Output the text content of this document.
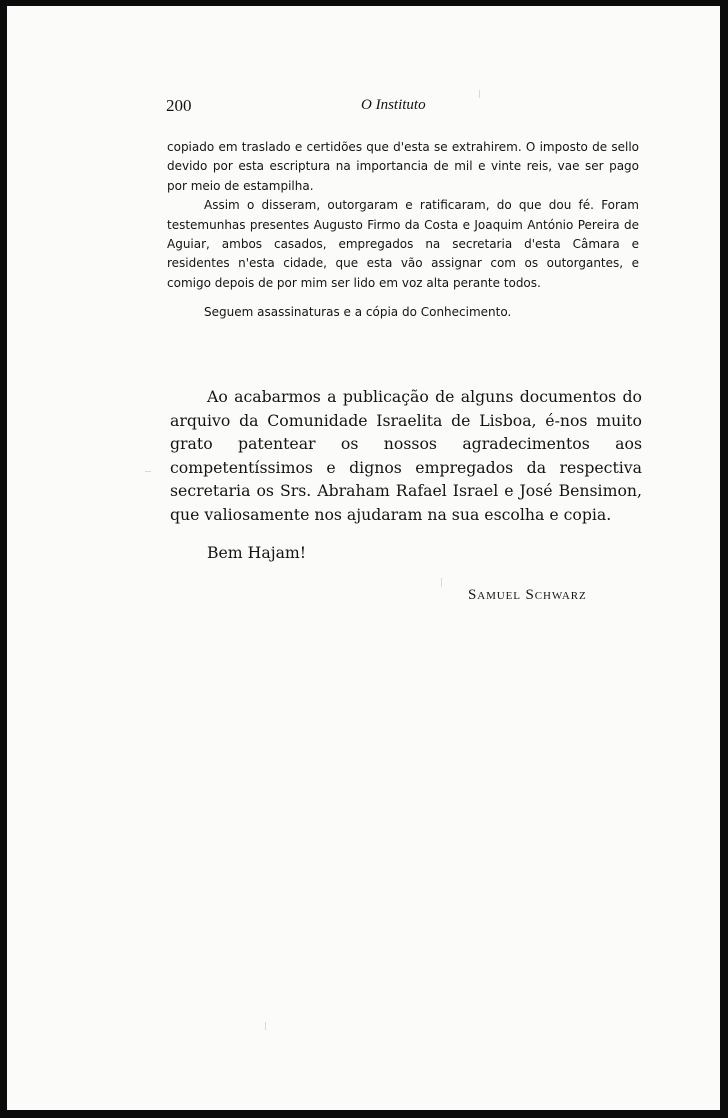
200	O Instituto

copiado em traslado e certidões que d'esta se extrahirem. O imposto de sello devido por esta escriptura na importancia de mil e vinte reis, vae ser pago por meio de estampilha.

Assim o disseram, outorgaram e ratificaram, do que dou fé. Foram testemunhas presentes Augusto Firmo da Costa e Joaquim António Pereira de Aguiar, ambos casados, empregados na secretaria d'esta Câmara e residentes n'esta cidade, que esta vão assignar com os outorgantes, e comigo depois de por mim ser lido em voz alta perante todos.

Seguem asassinaturas e a cópia do Conhecimento.

Ao acabarmos a publicação de alguns documentos do arquivo da Comunidade Israelita de Lisboa, é-nos muito grato patentear os nossos agradecimentos aos competentíssimos e dignos empregados da respectiva secretaria os Srs. Abraham Rafael Israel e José Bensimon, que valiosamente nos ajudaram na sua escolha e copia.

Bem Hajam!

Samuel Schwarz
